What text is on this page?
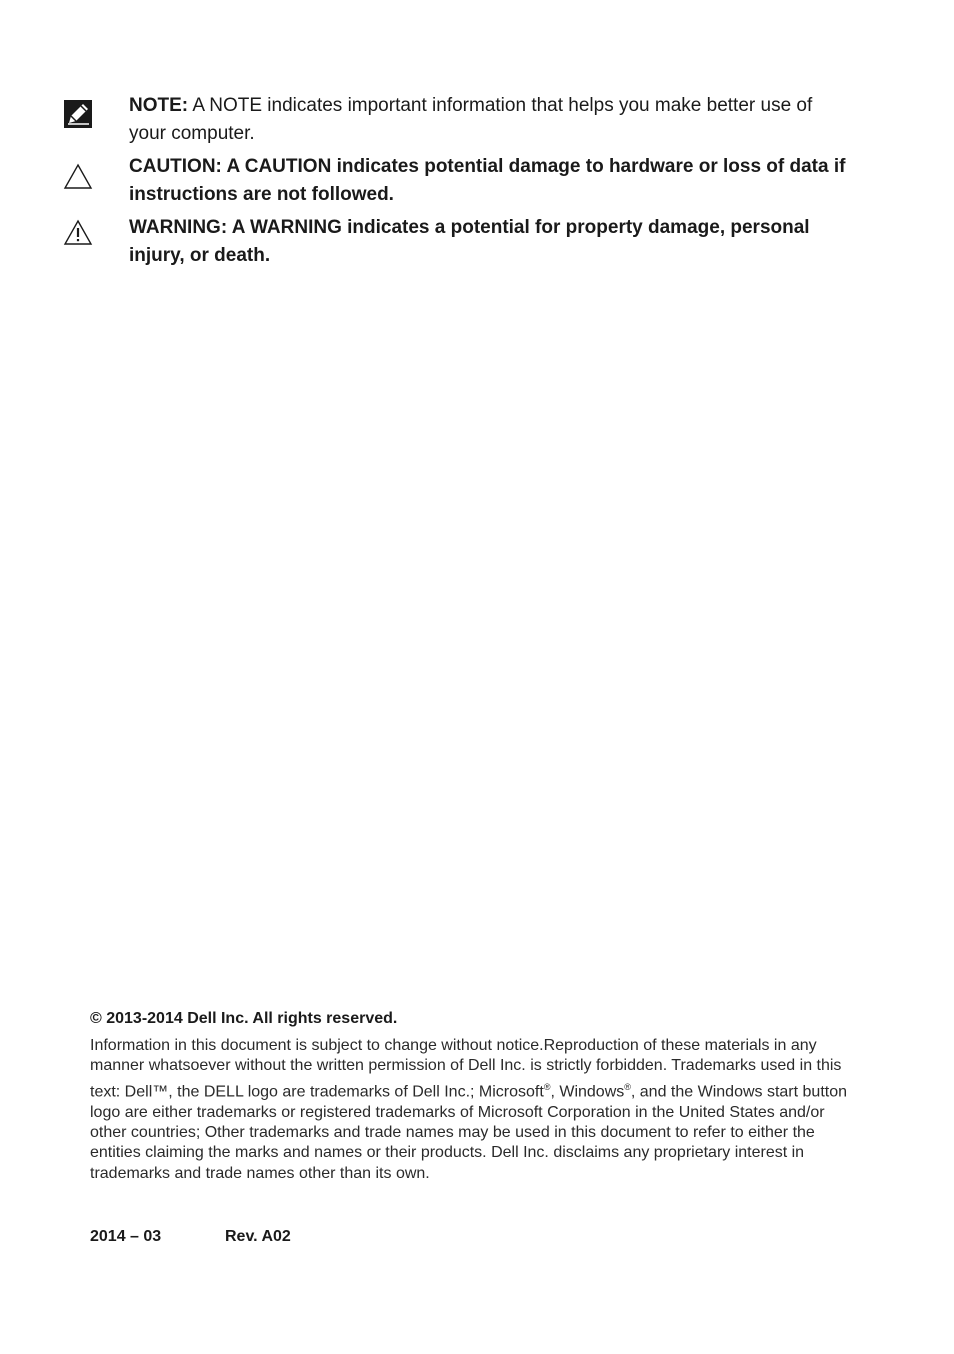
NOTE: A NOTE indicates important information that helps you make better use of your computer.

CAUTION: A CAUTION indicates potential damage to hardware or loss of data if instructions are not followed.

WARNING: A WARNING indicates a potential for property damage, personal injury, or death.

© 2013-2014 Dell Inc. All rights reserved.

Information in this document is subject to change without notice.Reproduction of these materials in any manner whatsoever without the written permission of Dell Inc. is strictly forbidden. Trademarks used in this text: Dell™, the DELL logo are trademarks of Dell Inc.; Microsoft®, Windows®, and the Windows start button logo are either trademarks or registered trademarks of Microsoft Corporation in the United States and/or other countries; Other trademarks and trade names may be used in this document to refer to either the entities claiming the marks and names or their products. Dell Inc. disclaims any proprietary interest in trademarks and trade names other than its own.

2014 – 03	Rev. A02
